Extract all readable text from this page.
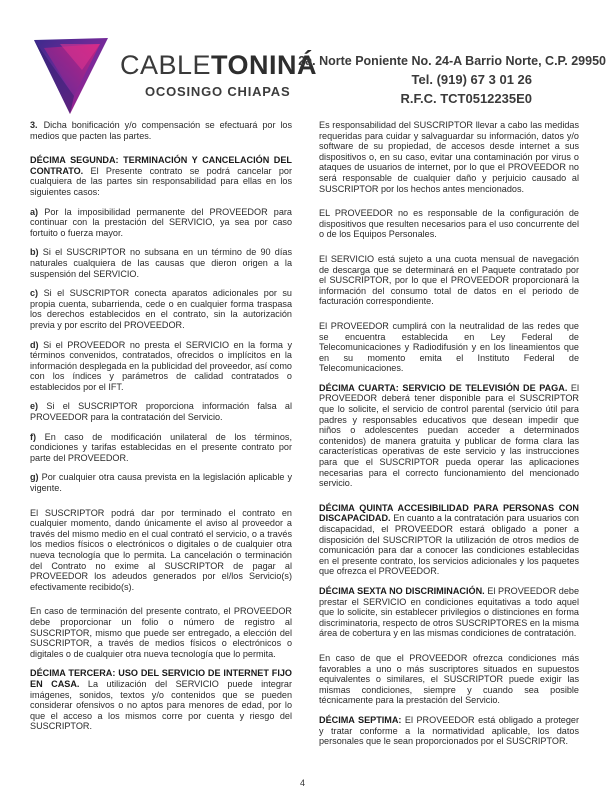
CABLETONINÁ
OCOSINGO CHIAPAS
2a. Norte Poniente No. 24-A Barrio Norte, C.P. 29950
Tel. (919) 67 3 01 26
R.F.C. TCT0512235E0

3. Dicha bonificación y/o compensación se efectuará por los medios que pacten las partes.

DÉCIMA SEGUNDA: TERMINACIÓN Y CANCELACIÓN DEL CONTRATO. El Presente contrato se podrá cancelar por cualquiera de las partes sin responsabilidad para ellas en los siguientes casos:

a) Por la imposibilidad permanente del PROVEEDOR para continuar con la prestación del SERVICIO, ya sea por caso fortuito o fuerza mayor.

b) Si el SUSCRIPTOR no subsana en un término de 90 días naturales cualquiera de las causas que dieron origen a la suspensión del SERVICIO.

c) Si el SUSCRIPTOR conecta aparatos adicionales por su propia cuenta, subarrienda, cede o en cualquier forma traspasa los derechos establecidos en el contrato, sin la autorización previa y por escrito del PROVEEDOR.

d) Si el PROVEEDOR no presta el SERVICIO en la forma y términos convenidos, contratados, ofrecidos o implícitos en la información desplegada en la publicidad del proveedor, así como con los índices y parámetros de calidad contratados o establecidos por el IFT.

e) Si el SUSCRIPTOR proporciona información falsa al PROVEEDOR para la contratación del Servicio.

f) En caso de modificación unilateral de los términos, condiciones y tarifas establecidas en el presente contrato por parte del PROVEEDOR.

g) Por cualquier otra causa prevista en la legislación aplicable y vigente.

El SUSCRIPTOR podrá dar por terminado el contrato en cualquier momento, dando únicamente el aviso al proveedor a través del mismo medio en el cual contrató el servicio, o a través los medios físicos o electrónicos o digitales o de cualquier otra nueva tecnología que lo permita. La cancelación o terminación del Contrato no exime al SUSCRIPTOR de pagar al PROVEEDOR los adeudos generados por el/los Servicio(s) efectivamente recibido(s).

En caso de terminación del presente contrato, el PROVEEDOR debe proporcionar un folio o número de registro al SUSCRIPTOR, mismo que puede ser entregado, a elección del SUSCRIPTOR, a través de medios físicos o electrónicos o digitales o de cualquier otra nueva tecnología que lo permita.

DÉCIMA TERCERA: USO DEL SERVICIO DE INTERNET FIJO EN CASA. La utilización del SERVICIO puede integrar imágenes, sonidos, textos y/o contenidos que se pueden considerar ofensivos o no aptos para menores de edad, por lo que el acceso a los mismos corre por cuenta y riesgo del SUSCRIPTOR.

Es responsabilidad del SUSCRIPTOR llevar a cabo las medidas requeridas para cuidar y salvaguardar su información, datos y/o software de su propiedad, de accesos desde internet a sus dispositivos o, en su caso, evitar una contaminación por virus o ataques de usuarios de internet, por lo que el PROVEEDOR no será responsable de cualquier daño y perjuicio causado al SUSCRIPTOR por los hechos antes mencionados.

EL PROVEEDOR no es responsable de la configuración de dispositivos que resulten necesarios para el uso concurrente del o de los Equipos Personales.

El SERVICIO está sujeto a una cuota mensual de navegación de descarga que se determinará en el Paquete contratado por el SUSCRIPTOR, por lo que el PROVEEDOR proporcionará la información del consumo total de datos en el periodo de facturación correspondiente.

El PROVEEDOR cumplirá con la neutralidad de las redes que se encuentra establecida en Ley Federal de Telecomunicaciones y Radiodifusión y en los lineamientos que en su momento emita el Instituto Federal de Telecomunicaciones.

DÉCIMA CUARTA: SERVICIO DE TELEVISIÓN DE PAGA. El PROVEEDOR deberá tener disponible para el SUSCRIPTOR que lo solicite, el servicio de control parental (servicio útil para padres y responsables educativos que desean impedir que niños o adolescentes puedan acceder a determinados contenidos) de manera gratuita y publicar de forma clara las características operativas de este servicio y las instrucciones para que el SUSCRIPTOR pueda operar las aplicaciones necesarias para el correcto funcionamiento del mencionado servicio.

DÉCIMA QUINTA ACCESIBILIDAD PARA PERSONAS CON DISCAPACIDAD. En cuanto a la contratación para usuarios con discapacidad, el PROVEEDOR estará obligado a poner a disposición del SUSCRIPTOR la utilización de otros medios de comunicación para dar a conocer las condiciones establecidas en el presente contrato, los servicios adicionales y los paquetes que ofrezca el PROVEEDOR.

DÉCIMA SEXTA NO DISCRIMINACIÓN. El PROVEEDOR debe prestar el SERVICIO en condiciones equitativas a todo aquel que lo solicite, sin establecer privilegios o distinciones en forma discriminatoria, respecto de otros SUSCRIPTORES en la misma área de cobertura y en las mismas condiciones de contratación.

En caso de que el PROVEEDOR ofrezca condiciones más favorables a uno o más suscriptores situados en supuestos equivalentes o similares, el SUSCRIPTOR puede exigir las mismas condiciones, siempre y cuando sea posible técnicamente para la prestación del Servicio.

DÉCIMA SEPTIMA: El PROVEEDOR está obligado a proteger y tratar conforme a la normatividad aplicable, los datos personales que le sean proporcionados por el SUSCRIPTOR.

4
